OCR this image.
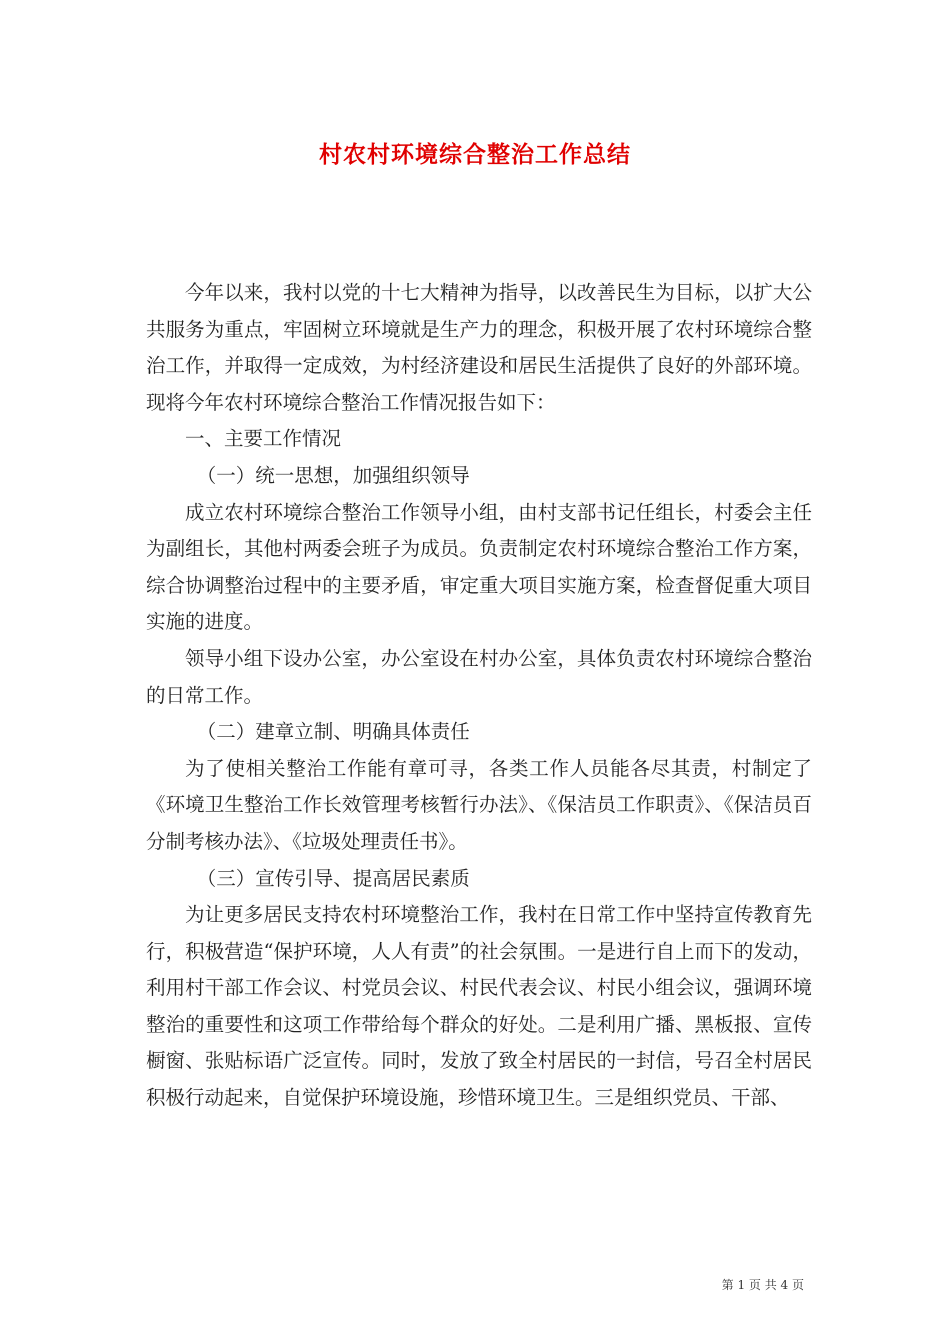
村农村环境综合整治工作总结

今年以来，我村以党的十七大精神为指导，以改善民生为目标，以扩大公共服务为重点，牢固树立环境就是生产力的理念，积极开展了农村环境综合整治工作，并取得一定成效，为村经济建设和居民生活提供了良好的外部环境。现将今年农村环境综合整治工作情况报告如下：

一、主要工作情况

（一）统一思想，加强组织领导

成立农村环境综合整治工作领导小组，由村支部书记任组长，村委会主任为副组长，其他村两委会班子为成员。负责制定农村环境综合整治工作方案，综合协调整治过程中的主要矛盾，审定重大项目实施方案，检查督促重大项目实施的进度。

领导小组下设办公室，办公室设在村办公室，具体负责农村环境综合整治的日常工作。

（二）建章立制、明确具体责任

为了使相关整治工作能有章可寻，各类工作人员能各尽其责，村制定了《环境卫生整治工作长效管理考核暂行办法》、《保洁员工作职责》、《保洁员百分制考核办法》、《垃圾处理责任书》。

（三）宣传引导、提高居民素质

为让更多居民支持农村环境整治工作，我村在日常工作中坚持宣传教育先行，积极营造“保护环境，人人有责”的社会氛围。一是进行自上而下的发动，利用村干部工作会议、村党员会议、村民代表会议、村民小组会议，强调环境整治的重要性和这项工作带给每个群众的好处。二是利用广播、黑板报、宣传橱窗、张贴标语广泛宣传。同时，发放了致全村居民的一封信，号召全村居民积极行动起来，自觉保护环境设施，珍惜环境卫生。三是组织党员、干部、

第 1 页 共 4 页
